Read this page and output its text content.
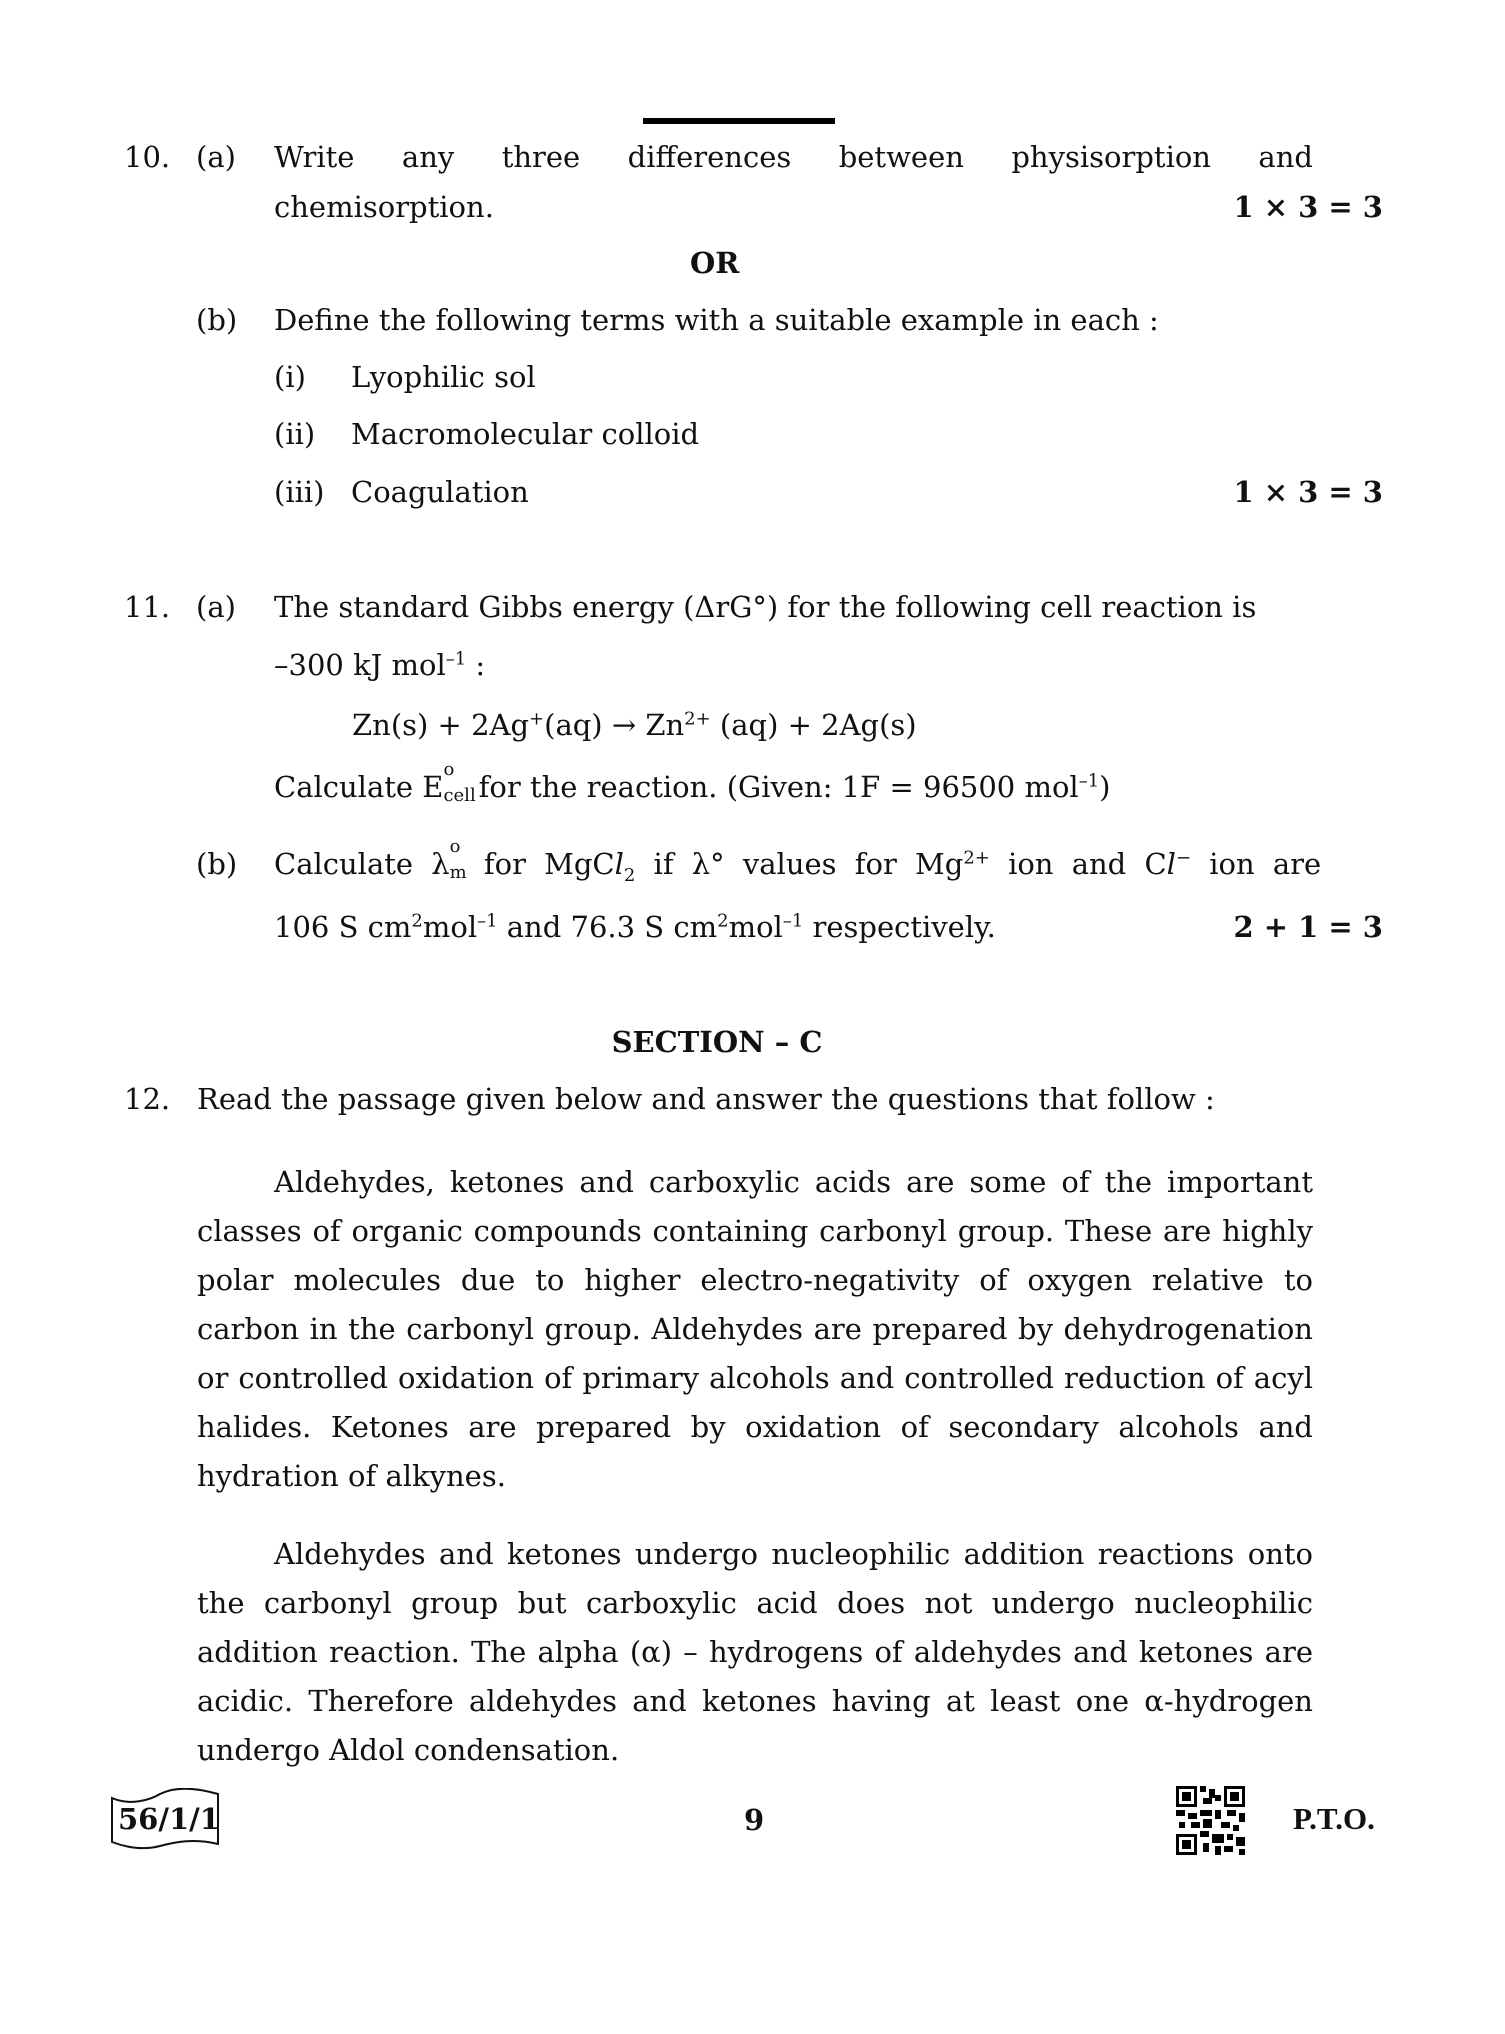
10. (a) Write any three differences between physisorption and
chemisorption.	1 × 3 = 3
OR
(b) Define the following terms with a suitable example in each :
(i) Lyophilic sol
(ii) Macromolecular colloid
(iii) Coagulation	1 × 3 = 3
11. (a) The standard Gibbs energy (ΔrG°) for the following cell reaction is
–300 kJ mol$^{-1}$ :
$Zn(s) + 2Ag^+(aq) \to Zn^{2+}$ (aq) + 2Ag(s)
Calculate E
o
cell
for the reaction. (Given: 1F = 96500 mol$^{-1}$)
(b) Calculate λ
o
m
for MgCl$_2$ if λ° values for $Mg^{2+}$ ion and Cl− ion are
106 S $cm^2mol^{-1}$ and 76.3 S $cm^2mol^{-1}$ respectively.	2 + 1 = 3
SECTION – C
12. Read the passage given below and answer the questions that follow :
Aldehydes, ketones and carboxylic acids are some of the important
classes of organic compounds containing carbonyl group. These are highly
polar molecules due to higher electro-negativity of oxygen relative to
carbon in the carbonyl group. Aldehydes are prepared by dehydrogenation
or controlled oxidation of primary alcohols and controlled reduction of acyl
halides. Ketones are prepared by oxidation of secondary alcohols and
hydration of alkynes.
Aldehydes and ketones undergo nucleophilic addition reactions onto
the carbonyl group but carboxylic acid does not undergo nucleophilic
addition reaction. The alpha (α) – hydrogens of aldehydes and ketones are
acidic. Therefore aldehydes and ketones having at least one α-hydrogen
undergo Aldol condensation.
56/1/1	9	P.T.O.
